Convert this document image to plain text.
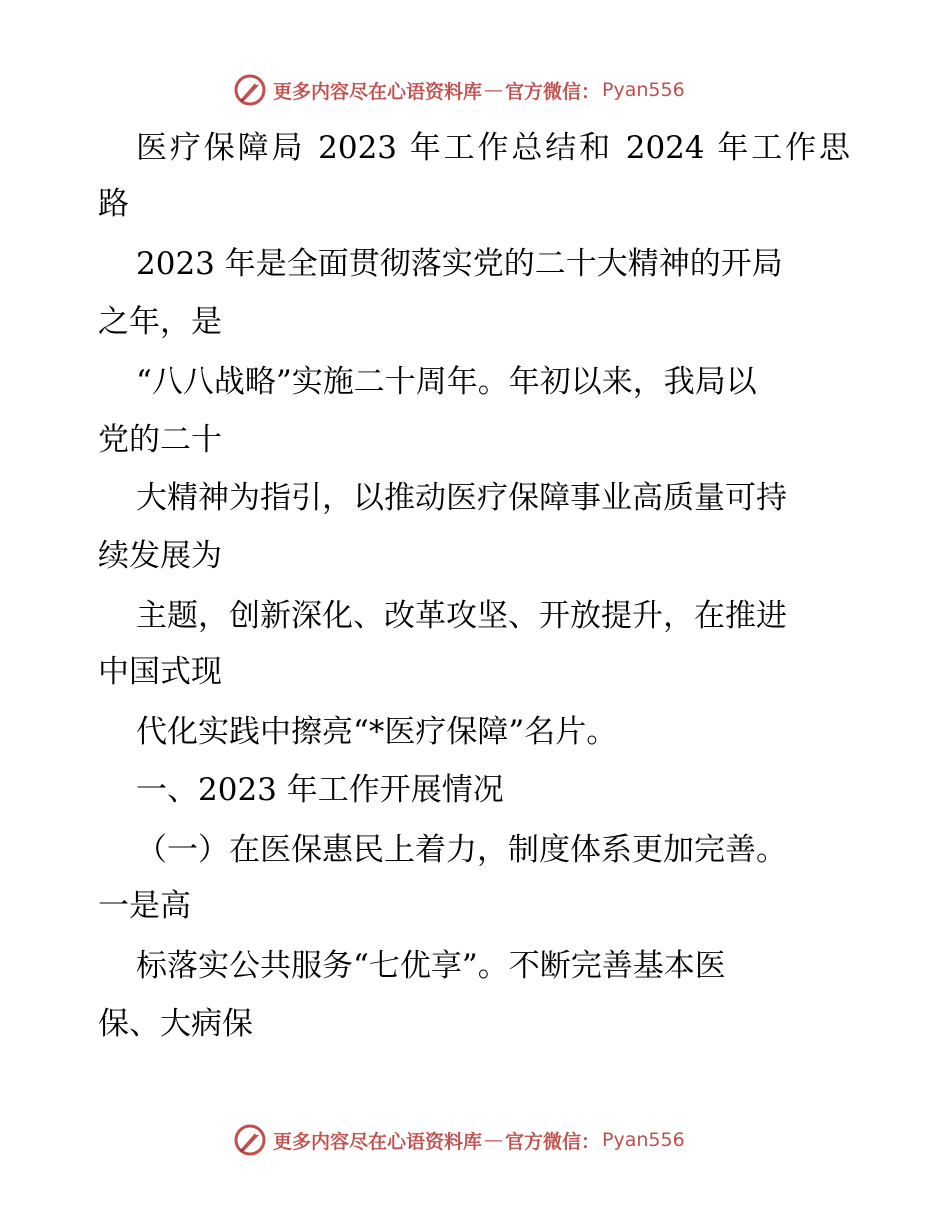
更多内容尽在心语资料库 — 官方微信： Pyan556
医疗保障局 2023 年工作总结和 2024 年工作思
路
2023 年是全面贯彻落实党的二十大精神的开局
之年，是
“八八战略”实施二十周年。年初以来，我局以
党的二十
大精神为指引，以推动医疗保障事业高质量可持
续发展为
主题，创新深化、改革攻坚、开放提升，在推进
中国式现
代化实践中擦亮“*医疗保障”名片。
一、2023 年工作开展情况
（一）在医保惠民上着力，制度体系更加完善。
一是高
标落实公共服务“七优享”。不断完善基本医
保、大病保
更多内容尽在心语资料库 — 官方微信： Pyan556
